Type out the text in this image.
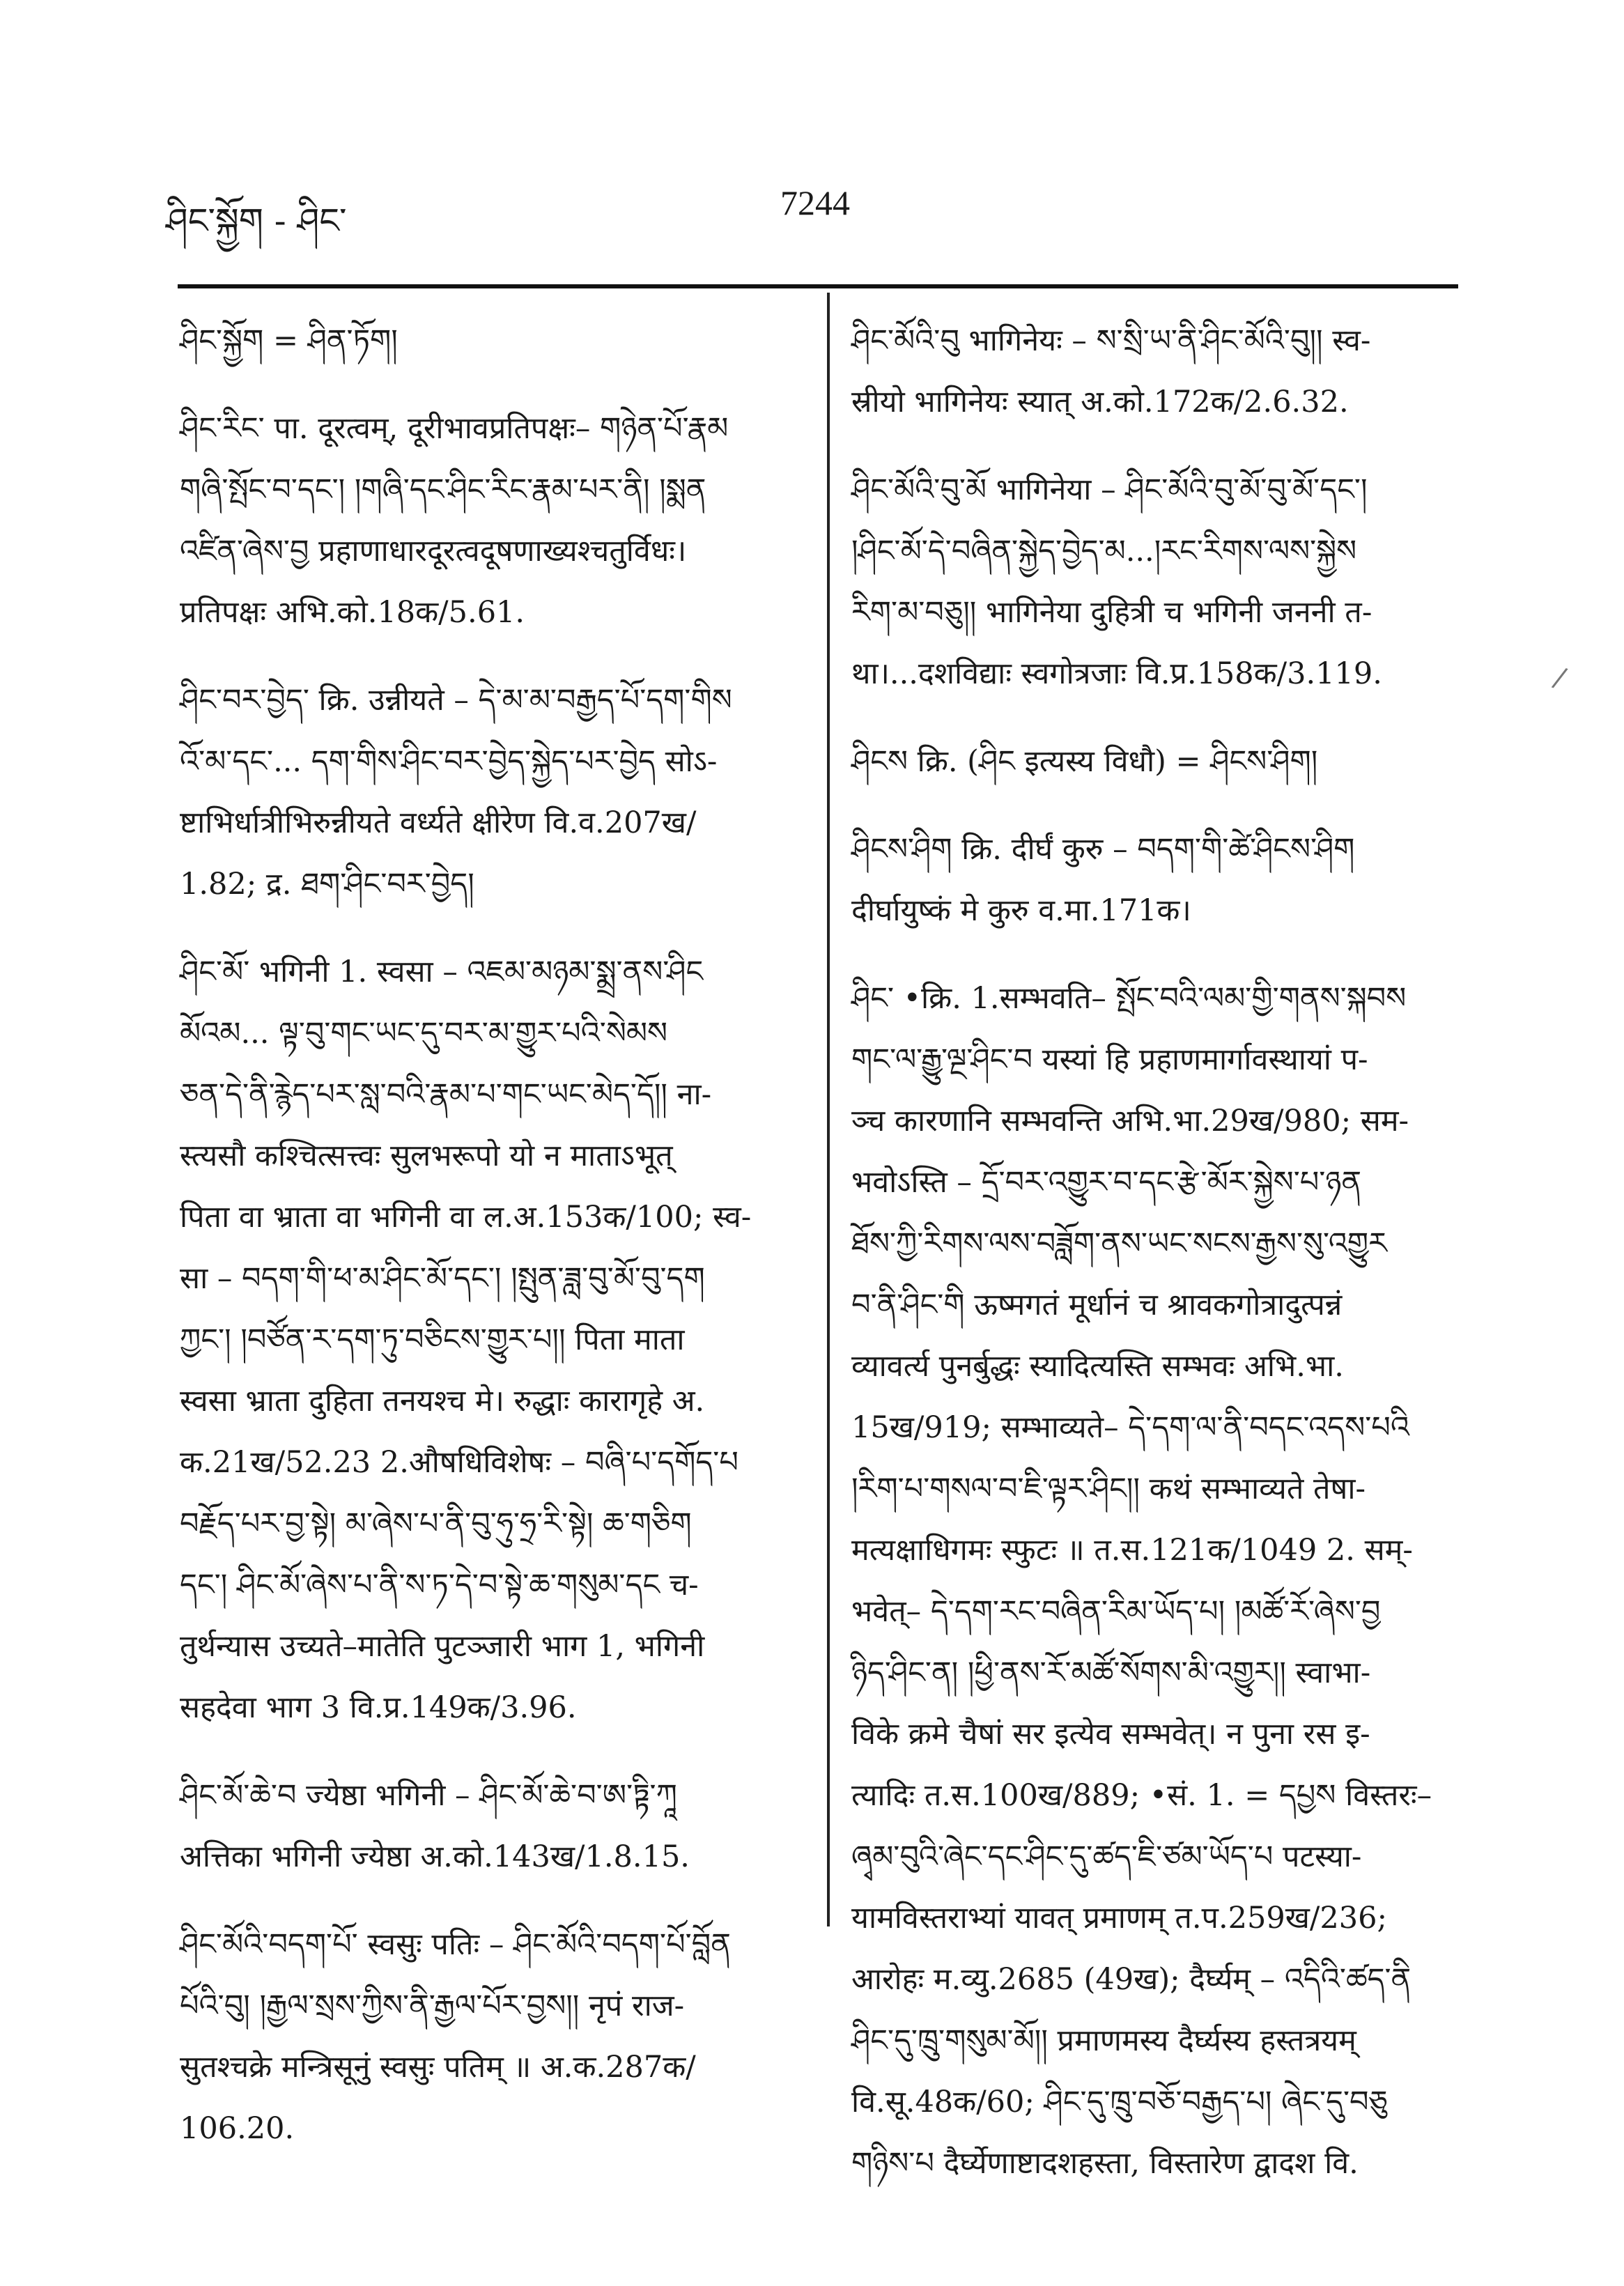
ཤིང་སྐྱོག - ཤིང་	7244
/
ཤིང་སྐྱོག = ཤིན་ཏོག།
ཤིང་རིང་ पा. दूरत्वम्, दूरीभावप्रतिपक्षः– གཉེན་པོ་རྣམ
གཞི་སྤོང་བ་དང་། །གཞི་དང་ཤིང་རིང་རྣམ་པར་ནི། །སྨན
འཛིན་ཞེས་བྱ प्रहाणाधारदूरत्वदूषणाख्यश्चतुर्विधः।
प्रतिपक्षः अभि.को.18क/5.61.
ཤིང་བར་བྱེད་ क्रि. उन्नीयते – དེ་མ་མ་བརྒྱད་པོ་དག་གིས
འོ་མ་དང་... དག་གིས་ཤིང་བར་བྱེད་སྐྱེད་པར་བྱེད सोऽ-
ष्टाभिर्धात्रीभिरुन्नीयते वर्ध्यते क्षीरेण वि.व.207ख/
1.82; द्र. ཐག་ཤིང་བར་བྱེད།
ཤིང་མོ་ भगिनी 1. स्वसा – འཇམ་མཉམ་སྨྲ་ནས་ཤིང
མོའམ... ལྟ་བུ་གང་ཡང་དུ་བར་མ་གྱུར་པའི་སེམས
ཅན་དེ་ནི་རྙེད་པར་སླ་བའི་རྣམ་པ་གང་ཡང་མེད་དོ།། ना-
स्त्यसौ कश्चित्सत्त्वः सुलभरूपो यो न माताऽभूत्
पिता वा भ्राता वा भगिनी वा ल.अ.153क/100; स्व-
सा – བདག་གི་ཕ་མ་ཤིང་མོ་དང་། །སྤུན་ཟླ་བུ་མོ་བུ་དག
ཀྱང་། །བཙོན་ར་དག་ཏུ་བཅིངས་གྱུར་པ།། पिता माता
स्वसा भ्राता दुहिता तनयश्च मे। रुद्धाः कारागृहे अ.
क.21ख/52.23 2.औषधिविशेषः – བཞི་པ་དགོད་པ
བརྗོད་པར་བྱ་སྟེ། མ་ཞེས་པ་ནི་བུ་ཧུ་ཧྲ་རི་སྟེ། ཆ་གཅིག
དང་། ཤིང་མོ་ཞེས་པ་ནི་ས་ཏ་དེ་བ་སྟེ་ཆ་གསུམ་དང च-
तुर्थन्यास उच्यते–मातेति पुटञ्जारी भाग 1, भगिनी
सहदेवा भाग 3 वि.प्र.149क/3.96.
ཤིང་མོ་ཆེ་བ ज्येष्ठा भगिनी – ཤིང་མོ་ཆེ་བ་ཨ་ཏྟི་ཀཱ
अत्तिका भगिनी ज्येष्ठा अ.को.143ख/1.8.15.
ཤིང་མོའི་བདག་པོ་ स्वसुः पतिः – ཤིང་མོའི་བདག་པོ་བློན
པོའི་བུ། །རྒྱལ་སྲས་ཀྱིས་ནི་རྒྱལ་པོར་བྱས།། नृपं राज-
सुतश्चक्रे मन्त्रिसूनुं स्वसुः पतिम् ॥ अ.क.287क/
106.20.
ཤིང་མོའི་བུ भागिनेयः – ས་སྲི་ཡ་ནི་ཤིང་མོའི་བུ།། स्व-
स्रीयो भागिनेयः स्यात् अ.को.172क/2.6.32.
ཤིང་མོའི་བུ་མོ भागिनेया – ཤིང་མོའི་བུ་མོ་བུ་མོ་དང་།
།ཤིང་མོ་དེ་བཞིན་སྐྱེད་བྱེད་མ...།རང་རིགས་ལས་སྐྱེས
རིག་མ་བཅུ།། भागिनेया दुहित्री च भगिनी जननी त-
था।...दशविद्याः स्वगोत्रजाः वि.प्र.158क/3.119.
ཤིངས क्रि. (ཤིང इत्यस्य विधौ) = ཤིངས་ཤིག།
ཤིངས་ཤིག क्रि. दीर्घं कुरु – བདག་གི་ཚེ་ཤིངས་ཤིག
दीर्घायुष्कं मे कुरु व.मा.171क।
ཤིང་ •क्रि. 1.सम्भवति– སྤོང་བའི་ལམ་གྱི་གནས་སྐབས
གང་ལ་རྒྱུ་ལྔ་ཤིང་བ यस्यां हि प्रहाणमार्गावस्थायां प-
ञ्च कारणानि सम्भवन्ति अभि.भा.29ख/980; सम-
भवोऽस्ति – དྲོ་བར་འགྱུར་བ་དང་རྩེ་མོར་སྐྱེས་པ་ཉན
ཐོས་ཀྱི་རིགས་ལས་བཟློག་ནས་ཡང་སངས་རྒྱས་སུ་འགྱུར
བ་ནི་ཤིང་གི ऊष्मगतं मूर्धानं च श्रावकगोत्रादुत्पन्नं
व्यावर्त्य पुनर्बुद्धः स्यादित्यस्ति सम्भवः अभि.भा.
15ख/919; सम्भाव्यते– དེ་དག་ལ་ནི་བདང་འདས་པའི
།རིག་པ་གསལ་བ་ཇི་ལྟར་ཤིང།། कथं सम्भाव्यते तेषा-
मत्यक्षाधिगमः स्फुटः ॥ त.स.121क/1049 2. सम्-
भवेत्– དེ་དག་རང་བཞིན་རིམ་ཡོད་པ། །མཚོ་རོ་ཞེས་བྱ
ཉིད་ཤིང་ན། །ཕྱི་ནས་རོ་མཚོ་སོགས་མི་འགྱུར།། स्वाभा-
विके क्रमे चैषां सर इत्येव सम्भवेत्। न पुना रस इ-
त्यादिः त.स.100ख/889; •सं. 1. = དཔྱས विस्तरः–
ཞྭམ་བུའི་ཞེང་དང་ཤིང་དུ་ཚད་ཇི་ཙམ་ཡོད་པ पटस्या-
यामविस्तराभ्यां यावत् प्रमाणम् त.प.259ख/236;
आरोहः म.व्यु.2685 (49ख); दैर्घ्यम् – འདིའི་ཚད་ནི
ཤིང་དུ་ཁྲུ་གསུམ་མོ།། प्रमाणमस्य दैर्घ्यस्य हस्तत्रयम्
वि.सू.48क/60; ཤིང་དུ་ཁྲུ་བཅོ་བརྒྱད་པ། ཞེང་དུ་བཅུ
གཉིས་པ दैर्घ्येणाष्टादशहस्ता, विस्तारेण द्वादश वि.
